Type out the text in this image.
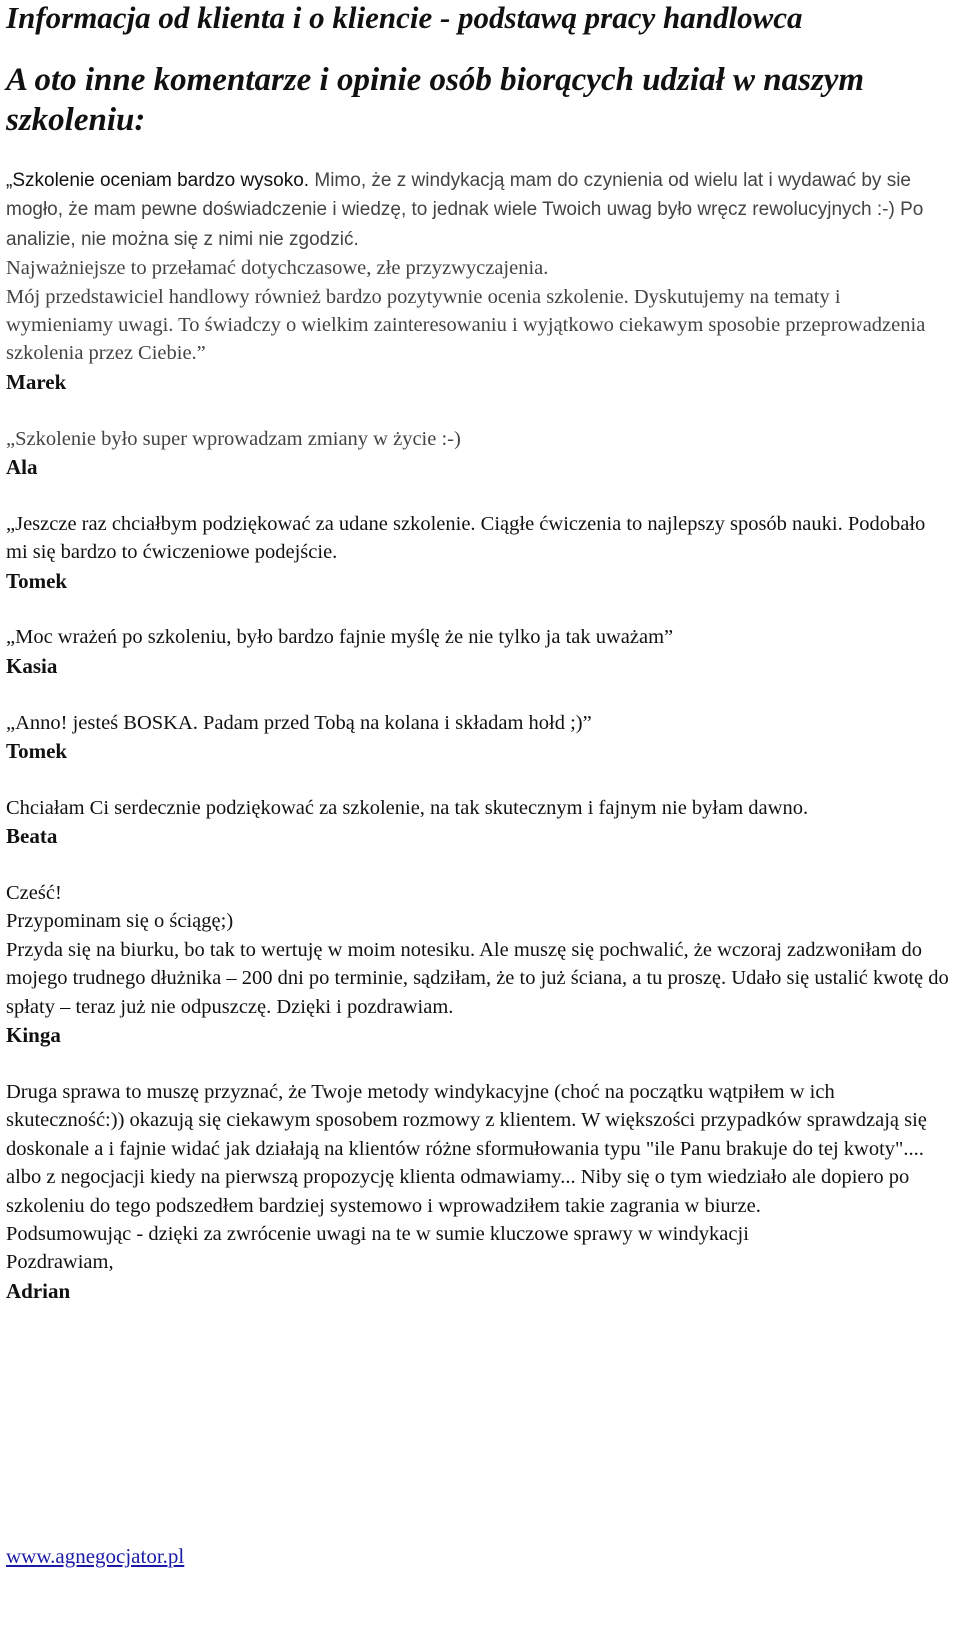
Informacja od klienta i o kliencie - podstawą pracy handlowca
A oto inne komentarze i opinie osób biorących udział w naszym szkoleniu:

„Szkolenie oceniam bardzo wysoko. Mimo, że z windykacją mam do czynienia od wielu lat i wydawać by sie mogło, że mam pewne doświadczenie i wiedzę, to jednak wiele Twoich uwag było wręcz rewolucyjnych :-) Po analizie, nie można się z nimi nie zgodzić.

Najważniejsze to przełamać dotychczasowe, złe przyzwyczajenia.

Mój przedstawiciel handlowy również bardzo pozytywnie ocenia szkolenie. Dyskutujemy na tematy i wymieniamy uwagi. To świadczy o wielkim zainteresowaniu i wyjątkowo ciekawym sposobie przeprowadzenia szkolenia przez Ciebie.”

Marek

„Szkolenie było super wprowadzam zmiany w życie :-)

Ala

„Jeszcze raz chciałbym podziękować za udane szkolenie. Ciągłe ćwiczenia to najlepszy sposób nauki. Podobało mi się bardzo to ćwiczeniowe podejście.

Tomek

„Moc wrażeń po szkoleniu, było bardzo fajnie myślę że nie tylko ja tak uważam”

Kasia

„Anno! jesteś BOSKA. Padam przed Tobą na kolana i składam hołd ;)”

Tomek

Chciałam Ci serdecznie podziękować za szkolenie, na tak skutecznym i fajnym nie byłam dawno.

Beata

Cześć!

Przypominam się o ściągę;)

Przyda się na biurku, bo tak to wertuję w moim notesiku. Ale muszę się pochwalić, że wczoraj zadzwoniłam do mojego trudnego dłużnika – 200 dni po terminie, sądziłam, że to już ściana, a tu proszę. Udało się ustalić kwotę do spłaty – teraz już nie odpuszczę. Dzięki i pozdrawiam.

Kinga

Druga sprawa to muszę przyznać, że Twoje metody windykacyjne (choć na początku wątpiłem w ich skuteczność:)) okazują się ciekawym sposobem rozmowy z klientem. W większości przypadków sprawdzają się doskonale a i fajnie widać jak działają na klientów różne sformułowania typu "ile Panu brakuje do tej kwoty".... albo z negocjacji kiedy na pierwszą propozycję klienta odmawiamy... Niby się o tym wiedziało ale dopiero po szkoleniu do tego podszedłem bardziej systemowo i wprowadziłem takie zagrania w biurze.

Podsumowując - dzięki za zwrócenie uwagi na te w sumie kluczowe sprawy w windykacji

Pozdrawiam,

Adrian

www.agnegocjator.pl
